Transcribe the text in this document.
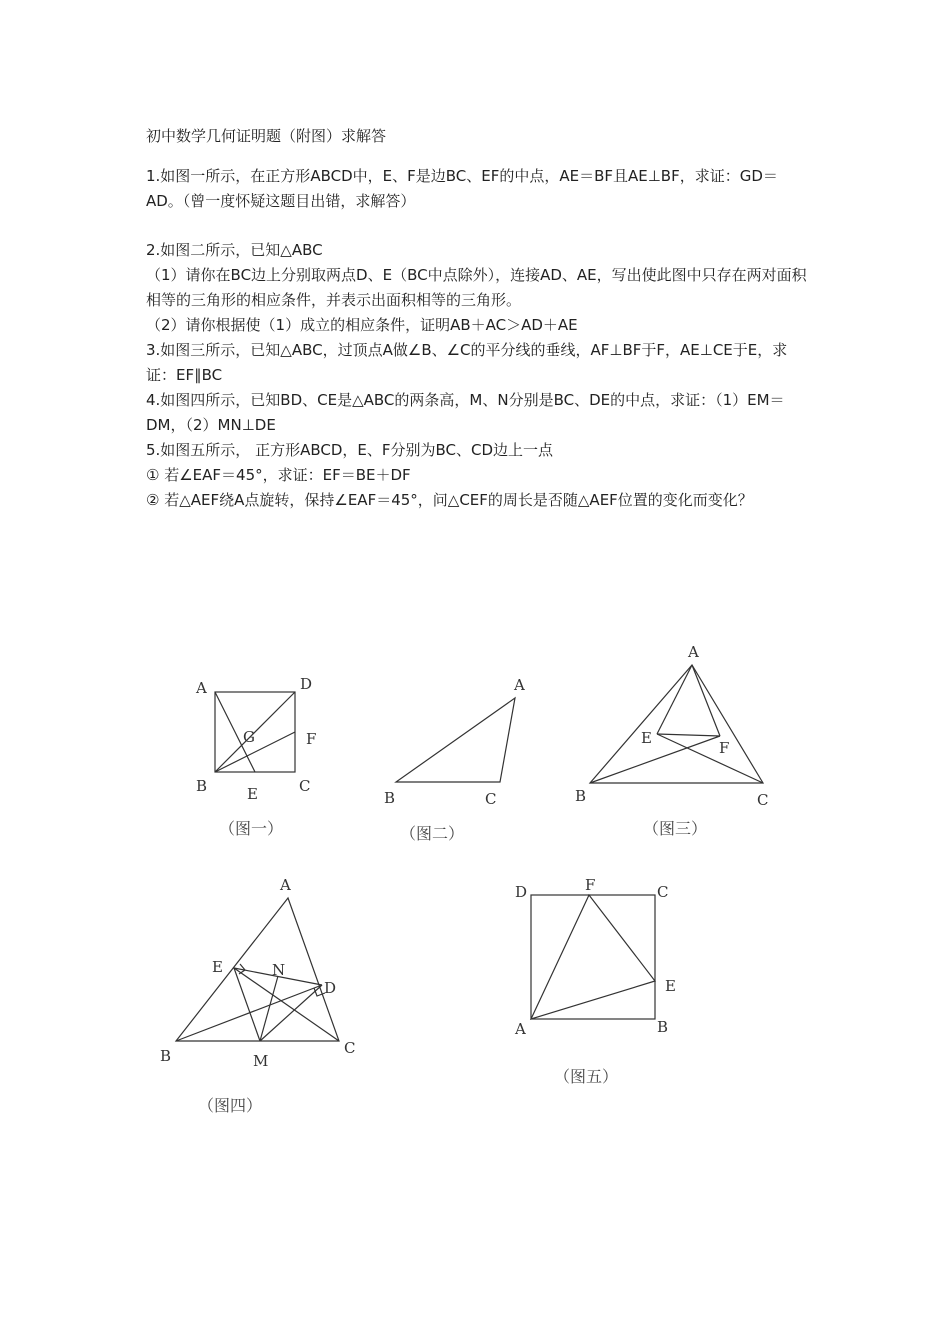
初中数学几何证明题（附图）求解答

1.如图一所示，在正方形ABCD中，E、F是边BC、EF的中点，AE＝BF且AE⊥BF，求证：GD＝AD。（曾一度怀疑这题目出错，求解答）

2.如图二所示，已知△ABC

（1）请你在BC边上分别取两点D、E（BC中点除外），连接AD、AE，写出使此图中只存在两对面积相等的三角形的相应条件，并表示出面积相等的三角形。

（2）请你根据使（1）成立的相应条件，证明AB＋AC＞AD＋AE

3.如图三所示，已知△ABC，过顶点A做∠B、∠C的平分线的垂线，AF⊥BF于F，AE⊥CE于E，求证：EF∥BC

4.如图四所示，已知BD、CE是△ABC的两条高，M、N分别是BC、DE的中点，求证：（1）EM＝DM，（2）MN⊥DE

5.如图五所示， 正方形ABCD，E、F分别为BC、CD边上一点

① 若∠EAF＝45°，求证：EF＝BE＋DF

② 若△AEF绕A点旋转，保持∠EAF＝45°，问△CEF的周长是否随△AEF位置的变化而变化？

A	D
G	F
B	E	C
（图一）
A
B	C
（图二）
A
E
F
B	C
（图三）
A
E	N
D
B	M
C
（图四）
D	F	C
E
A	B
（图五）
